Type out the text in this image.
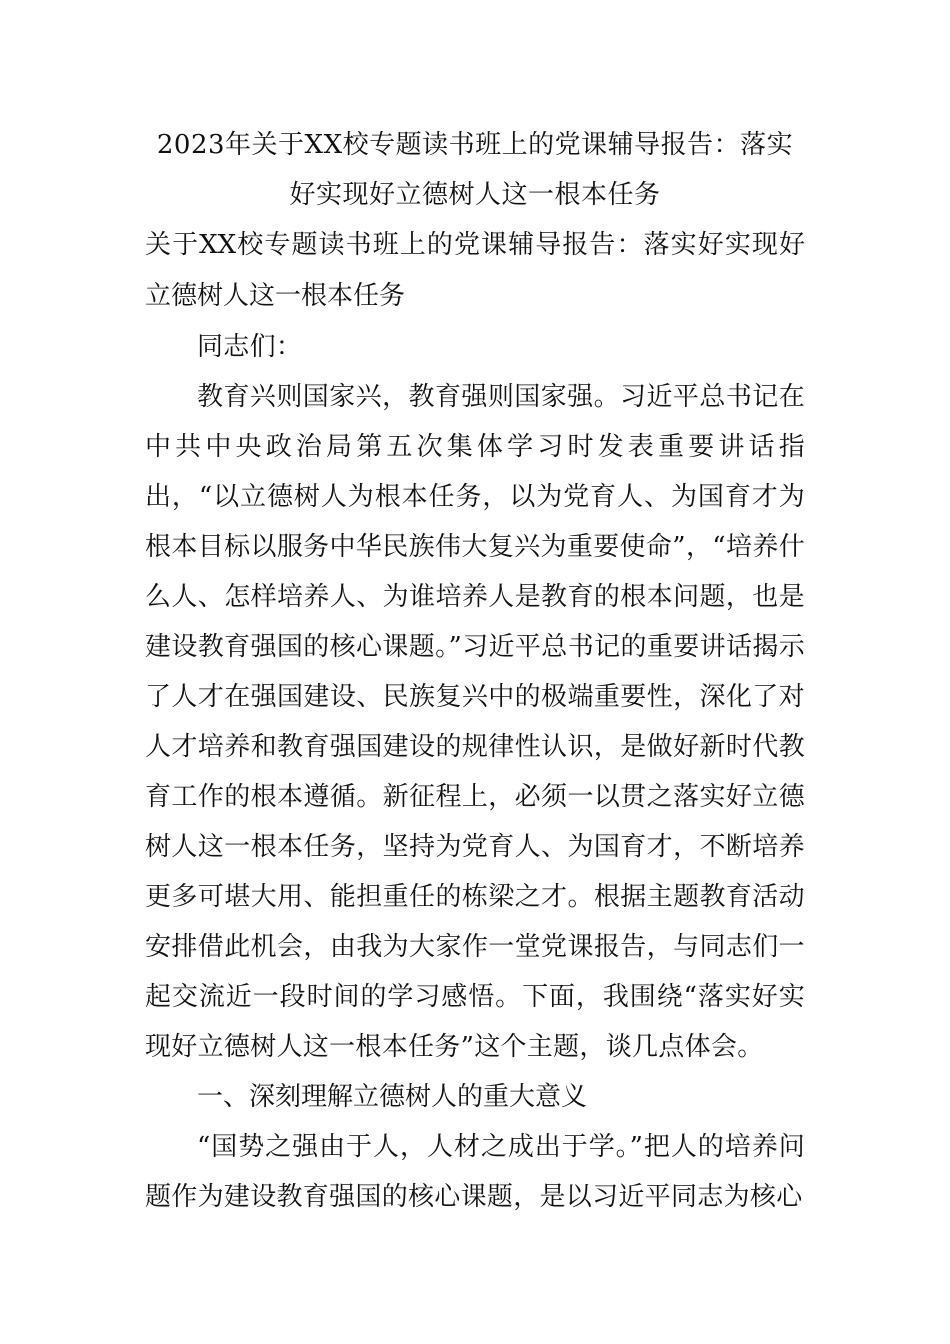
2023年关于XX校专题读书班上的党课辅导报告：落实好实现好立德树人这一根本任务

关于XX校专题读书班上的党课辅导报告：落实好实现好立德树人这一根本任务

同志们：

教育兴则国家兴，教育强则国家强。习近平总书记在中共中央政治局第五次集体学习时发表重要讲话指出，“以立德树人为根本任务，以为党育人、为国育才为根本目标以服务中华民族伟大复兴为重要使命”，“培养什么人、怎样培养人、为谁培养人是教育的根本问题，也是建设教育强国的核心课题。”习近平总书记的重要讲话揭示了人才在强国建设、民族复兴中的极端重要性，深化了对人才培养和教育强国建设的规律性认识，是做好新时代教育工作的根本遵循。新征程上，必须一以贯之落实好立德树人这一根本任务，坚持为党育人、为国育才，不断培养更多可堪大用、能担重任的栋梁之才。根据主题教育活动安排借此机会，由我为大家作一堂党课报告，与同志们一起交流近一段时间的学习感悟。下面，我围绕“落实好实现好立德树人这一根本任务”这个主题，谈几点体会。

一、深刻理解立德树人的重大意义

“国势之强由于人，人材之成出于学。”把人的培养问题作为建设教育强国的核心课题，是以习近平同志为核心
